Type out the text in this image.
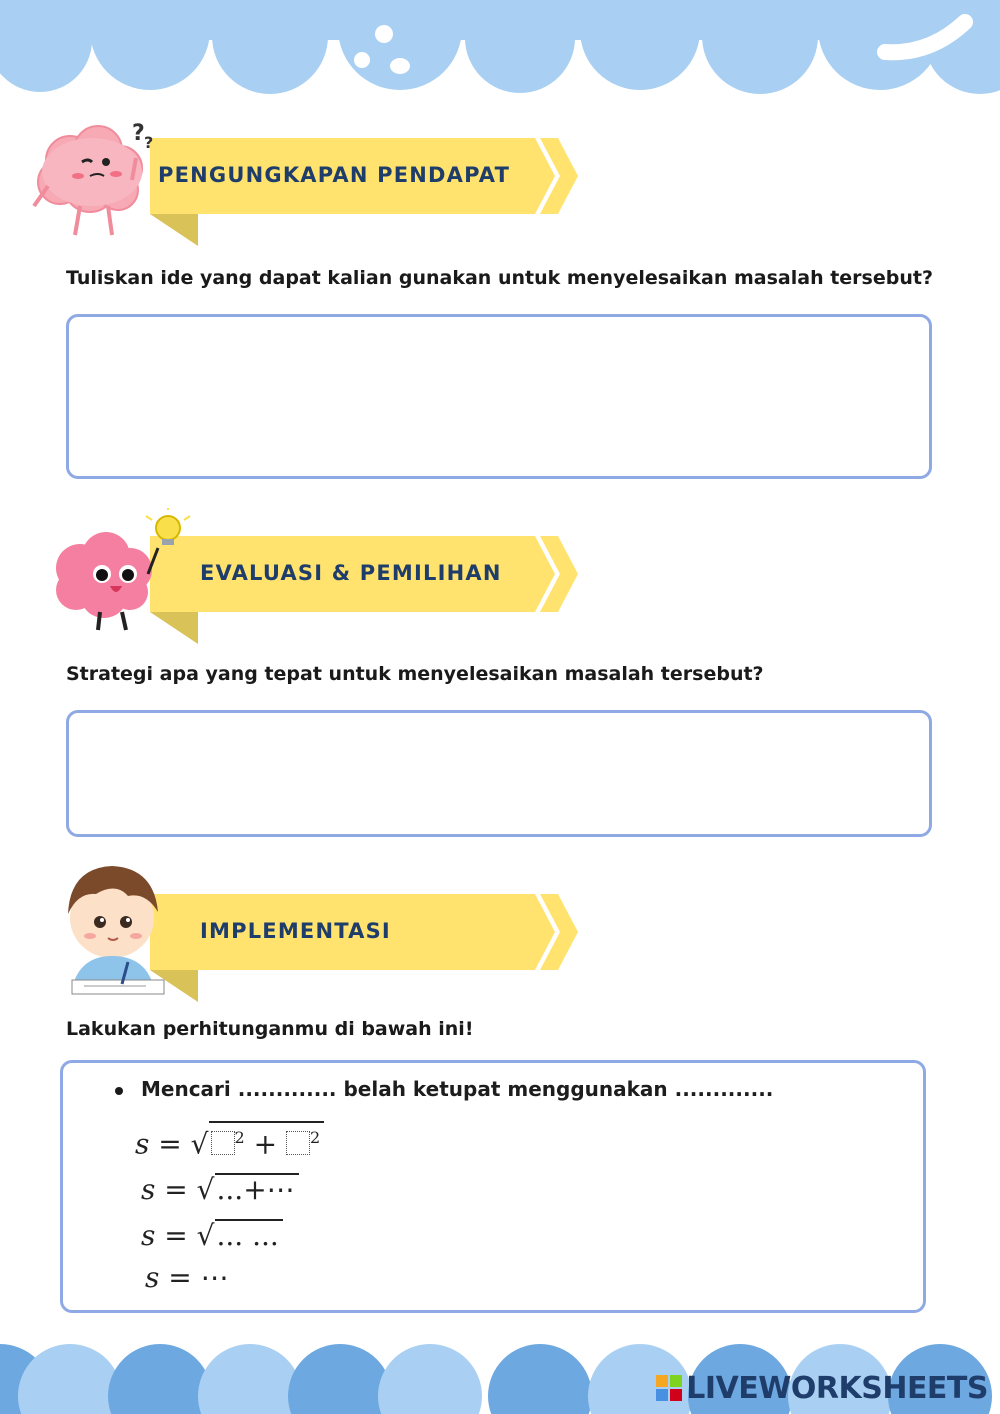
? ?
PENGUNGKAPAN PENDAPAT
Tuliskan ide yang dapat kalian gunakan untuk menyelesaikan masalah tersebut?
EVALUASI & PEMILIHAN
Strategi apa yang tepat untuk menyelesaikan masalah tersebut?
IMPLEMENTASI
Lakukan perhitunganmu di bawah ini!
Mencari ............. belah ketupat menggunakan .............
s = √ $^2$ + $^2$
s = √...+⋯
s = √... ...
s = ⋯
LIVEWORKSHEETS
